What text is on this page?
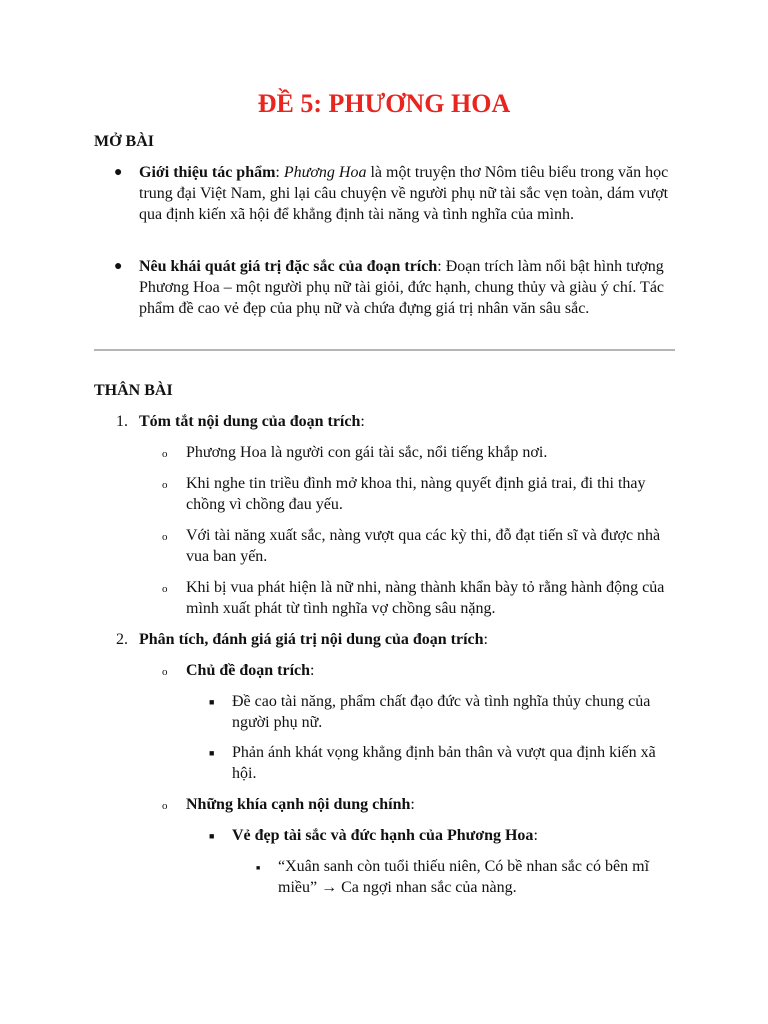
ĐỀ 5: PHƯƠNG HOA
MỞ BÀI
● Giới thiệu tác phẩm: Phương Hoa là một truyện thơ Nôm tiêu biểu trong văn học trung đại Việt Nam, ghi lại câu chuyện về người phụ nữ tài sắc vẹn toàn, dám vượt qua định kiến xã hội để khẳng định tài năng và tình nghĩa của mình.
● Nêu khái quát giá trị đặc sắc của đoạn trích: Đoạn trích làm nổi bật hình tượng Phương Hoa – một người phụ nữ tài giỏi, đức hạnh, chung thủy và giàu ý chí. Tác phẩm đề cao vẻ đẹp của phụ nữ và chứa đựng giá trị nhân văn sâu sắc.
THÂN BÀI
1. Tóm tắt nội dung của đoạn trích:
o Phương Hoa là người con gái tài sắc, nổi tiếng khắp nơi.
o Khi nghe tin triều đình mở khoa thi, nàng quyết định giả trai, đi thi thay chồng vì chồng đau yếu.
o Với tài năng xuất sắc, nàng vượt qua các kỳ thi, đỗ đạt tiến sĩ và được nhà vua ban yến.
o Khi bị vua phát hiện là nữ nhi, nàng thành khẩn bày tỏ rằng hành động của mình xuất phát từ tình nghĩa vợ chồng sâu nặng.
2. Phân tích, đánh giá giá trị nội dung của đoạn trích:
o Chủ đề đoạn trích:
■ Đề cao tài năng, phẩm chất đạo đức và tình nghĩa thủy chung của người phụ nữ.
■ Phản ánh khát vọng khẳng định bản thân và vượt qua định kiến xã hội.
o Những khía cạnh nội dung chính:
■ Vẻ đẹp tài sắc và đức hạnh của Phương Hoa:
■ “Xuân sanh còn tuổi thiếu niên, Có bề nhan sắc có bên mĩ miều” → Ca ngợi nhan sắc của nàng.
